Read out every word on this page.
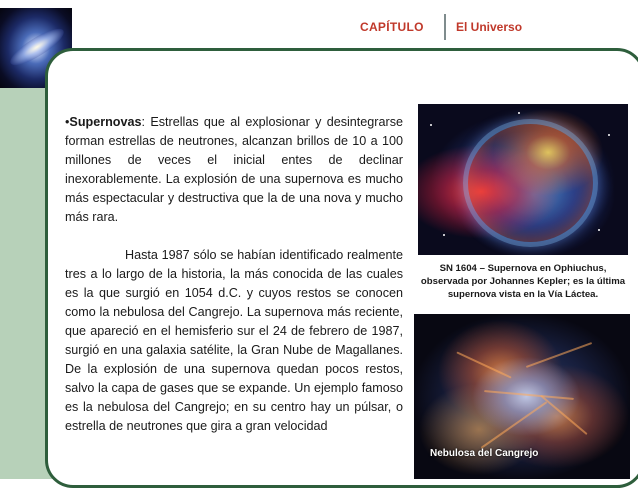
CAPÍTULO	El Universo

•Supernovas: Estrellas que al explosionar y desintegrarse forman estrellas de neutrones, alcanzan brillos de 10 a 100 millones de veces el inicial entes de declinar inexorablemente. La explosión de una supernova es mucho más espectacular y destructiva que la de una nova y mucho más rara.

Hasta 1987 sólo se habían identificado realmente tres a lo largo de la historia, la más conocida de las cuales es la que surgió en 1054 d.C. y cuyos restos se conocen como la nebulosa del Cangrejo. La supernova más reciente, que apareció en el hemisferio sur el 24 de febrero de 1987, surgió en una galaxia satélite, la Gran Nube de Magallanes. De la explosión de una supernova quedan pocos restos, salvo la capa de gases que se expande. Un ejemplo famoso es la nebulosa del Cangrejo; en su centro hay un púlsar, o estrella de neutrones que gira a gran velocidad

SN 1604 – Supernova en Ophiuchus, observada por Johannes Kepler; es la última supernova vista en la Vía Láctea.
Nebulosa del Cangrejo
